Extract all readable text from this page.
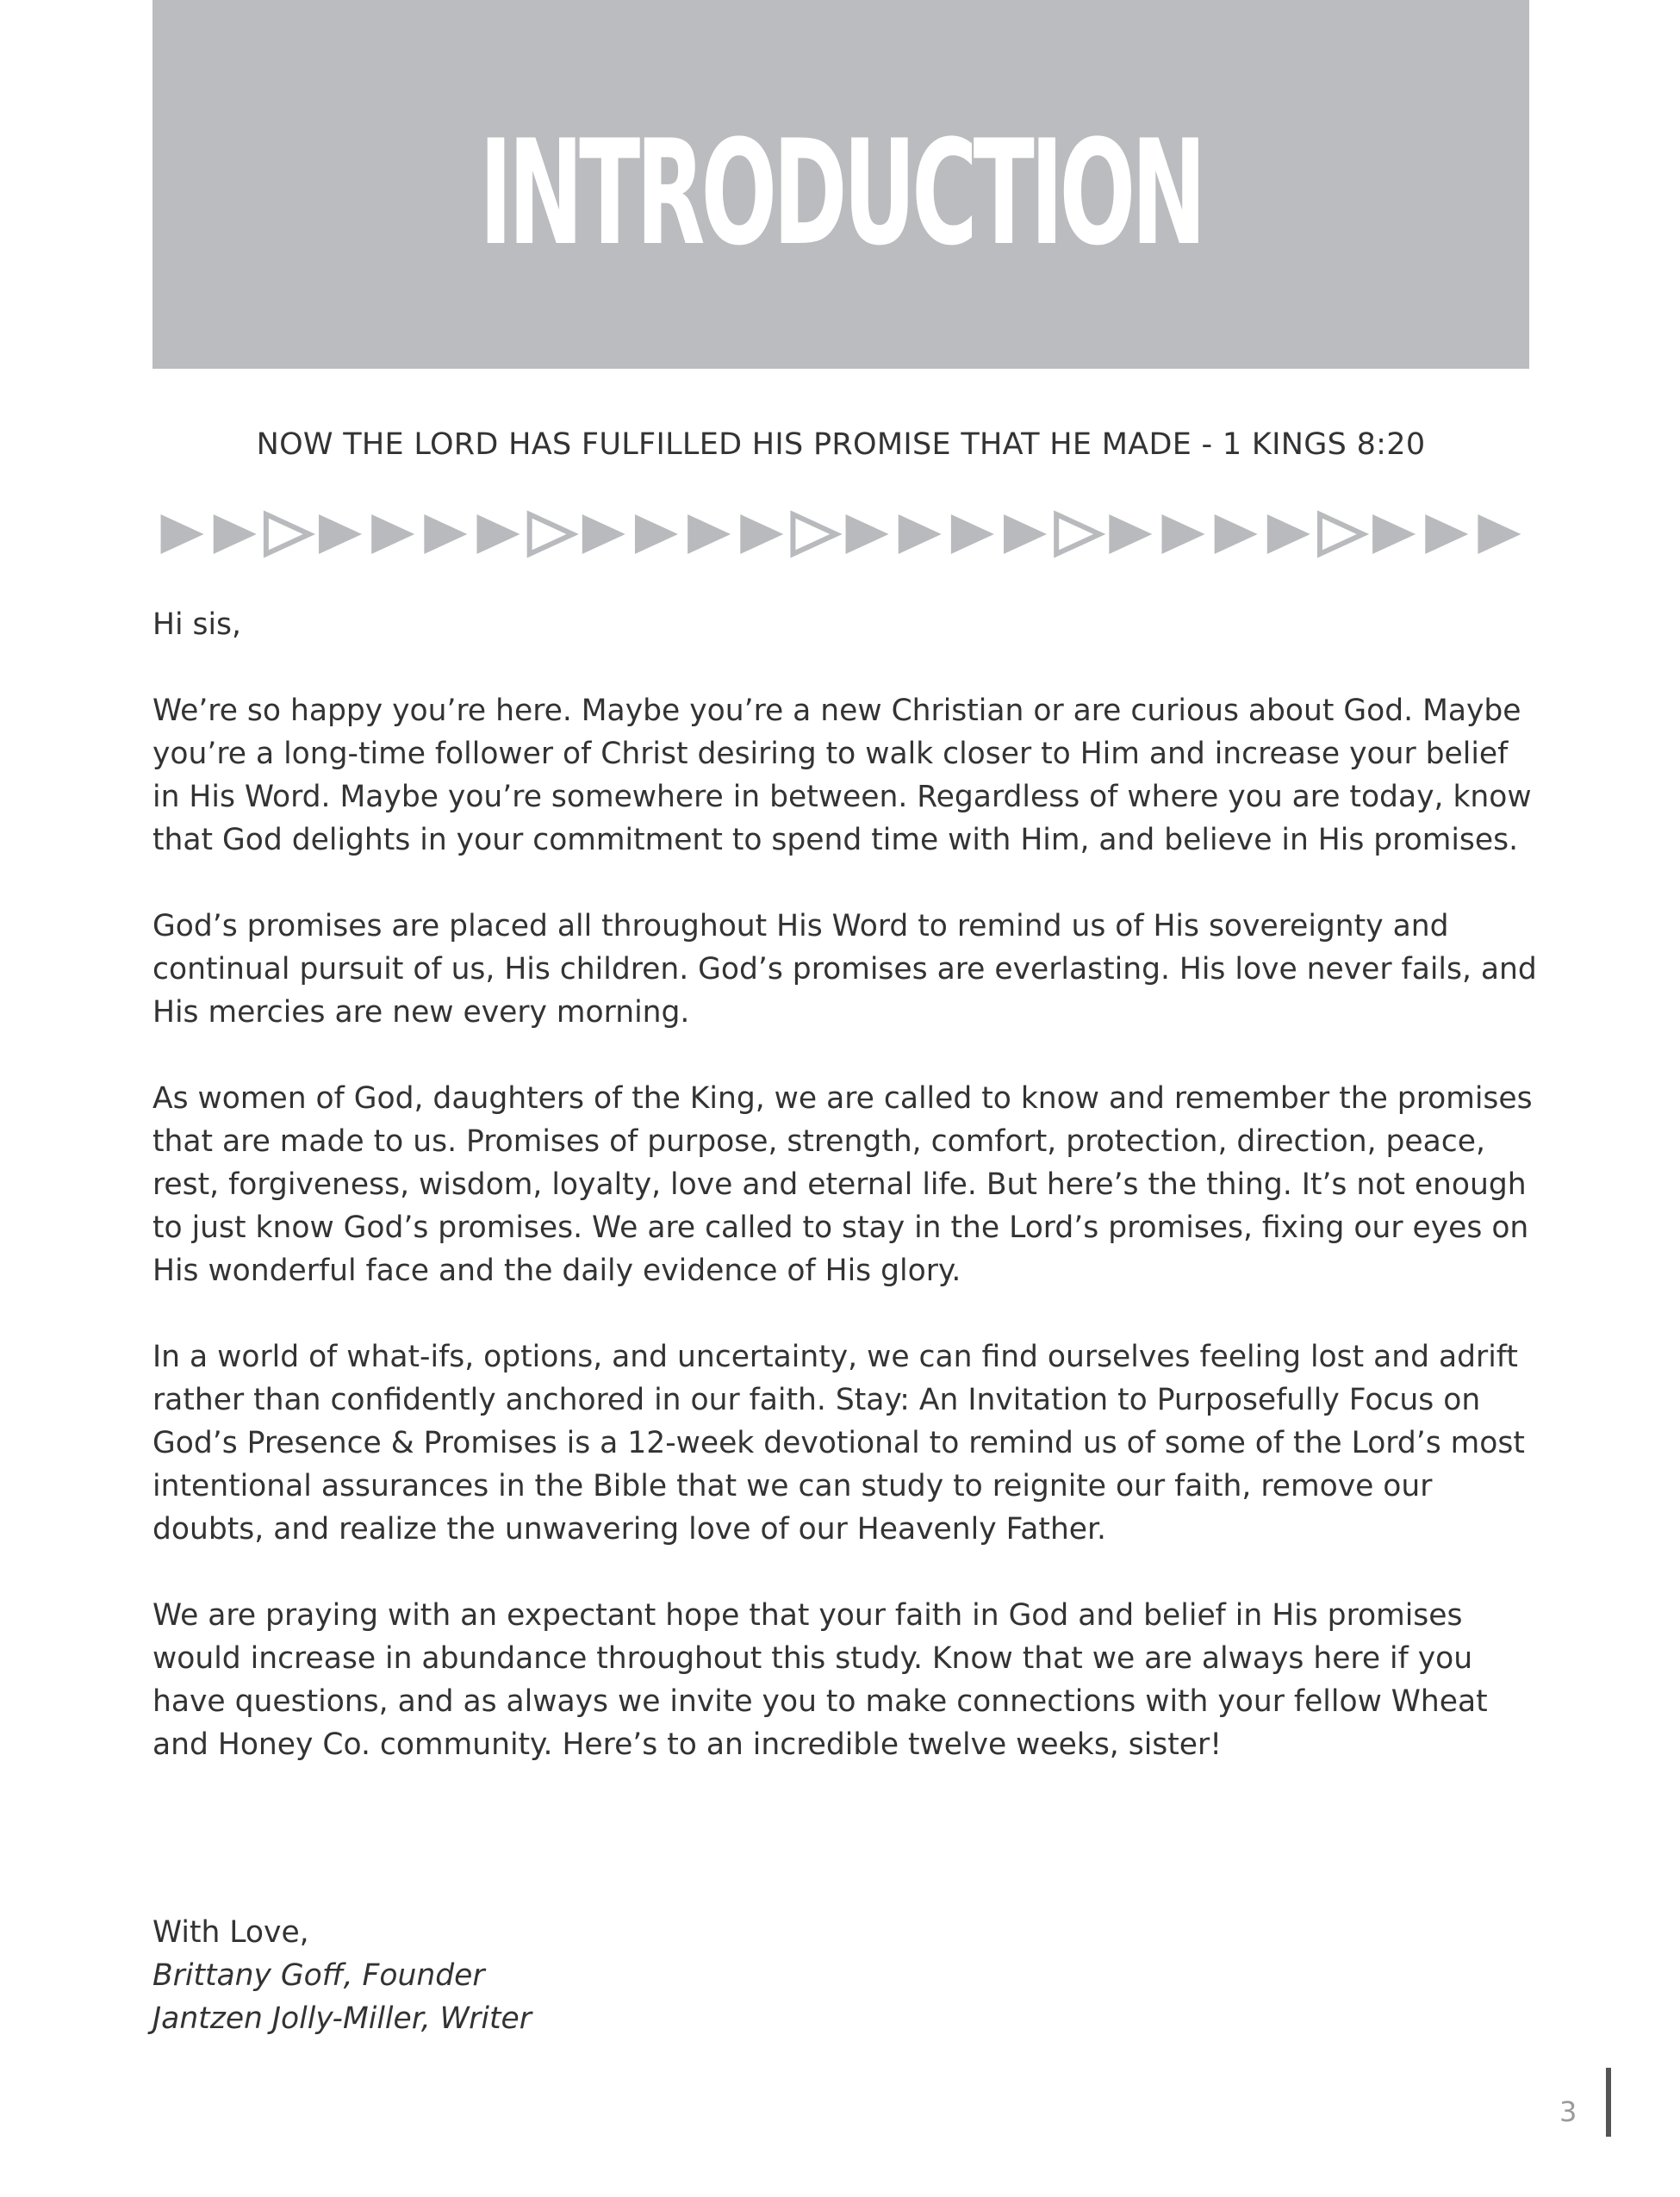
INTRODUCTION
NOW THE LORD HAS FULFILLED HIS PROMISE THAT HE MADE - 1 KINGS 8:20

Hi sis,

We’re so happy you’re here. Maybe you’re a new Christian or are curious about God. Maybe you’re a long-time follower of Christ desiring to walk closer to Him and increase your belief in His Word. Maybe you’re somewhere in between. Regardless of where you are today, know that God delights in your commitment to spend time with Him, and believe in His promises.

God’s promises are placed all throughout His Word to remind us of His sovereignty and continual pursuit of us, His children. God’s promises are everlasting. His love never fails, and His mercies are new every morning.

As women of God, daughters of the King, we are called to know and remember the promises that are made to us. Promises of purpose, strength, comfort, protection, direction, peace, rest, forgiveness, wisdom, loyalty, love and eternal life. But here’s the thing. It’s not enough to just know God’s promises. We are called to stay in the Lord’s promises, fixing our eyes on His wonderful face and the daily evidence of His glory.

In a world of what-ifs, options, and uncertainty, we can find ourselves feeling lost and adrift rather than confidently anchored in our faith. Stay: An Invitation to Purposefully Focus on God’s Presence & Promises is a 12-week devotional to remind us of some of the Lord’s most intentional assurances in the Bible that we can study to reignite our faith, remove our doubts, and realize the unwavering love of our Heavenly Father.

We are praying with an expectant hope that your faith in God and belief in His promises would increase in abundance throughout this study. Know that we are always here if you have questions, and as always we invite you to make connections with your fellow Wheat and Honey Co. community. Here’s to an incredible twelve weeks, sister!

With Love,
Brittany Goff, Founder
Jantzen Jolly-Miller, Writer
3
